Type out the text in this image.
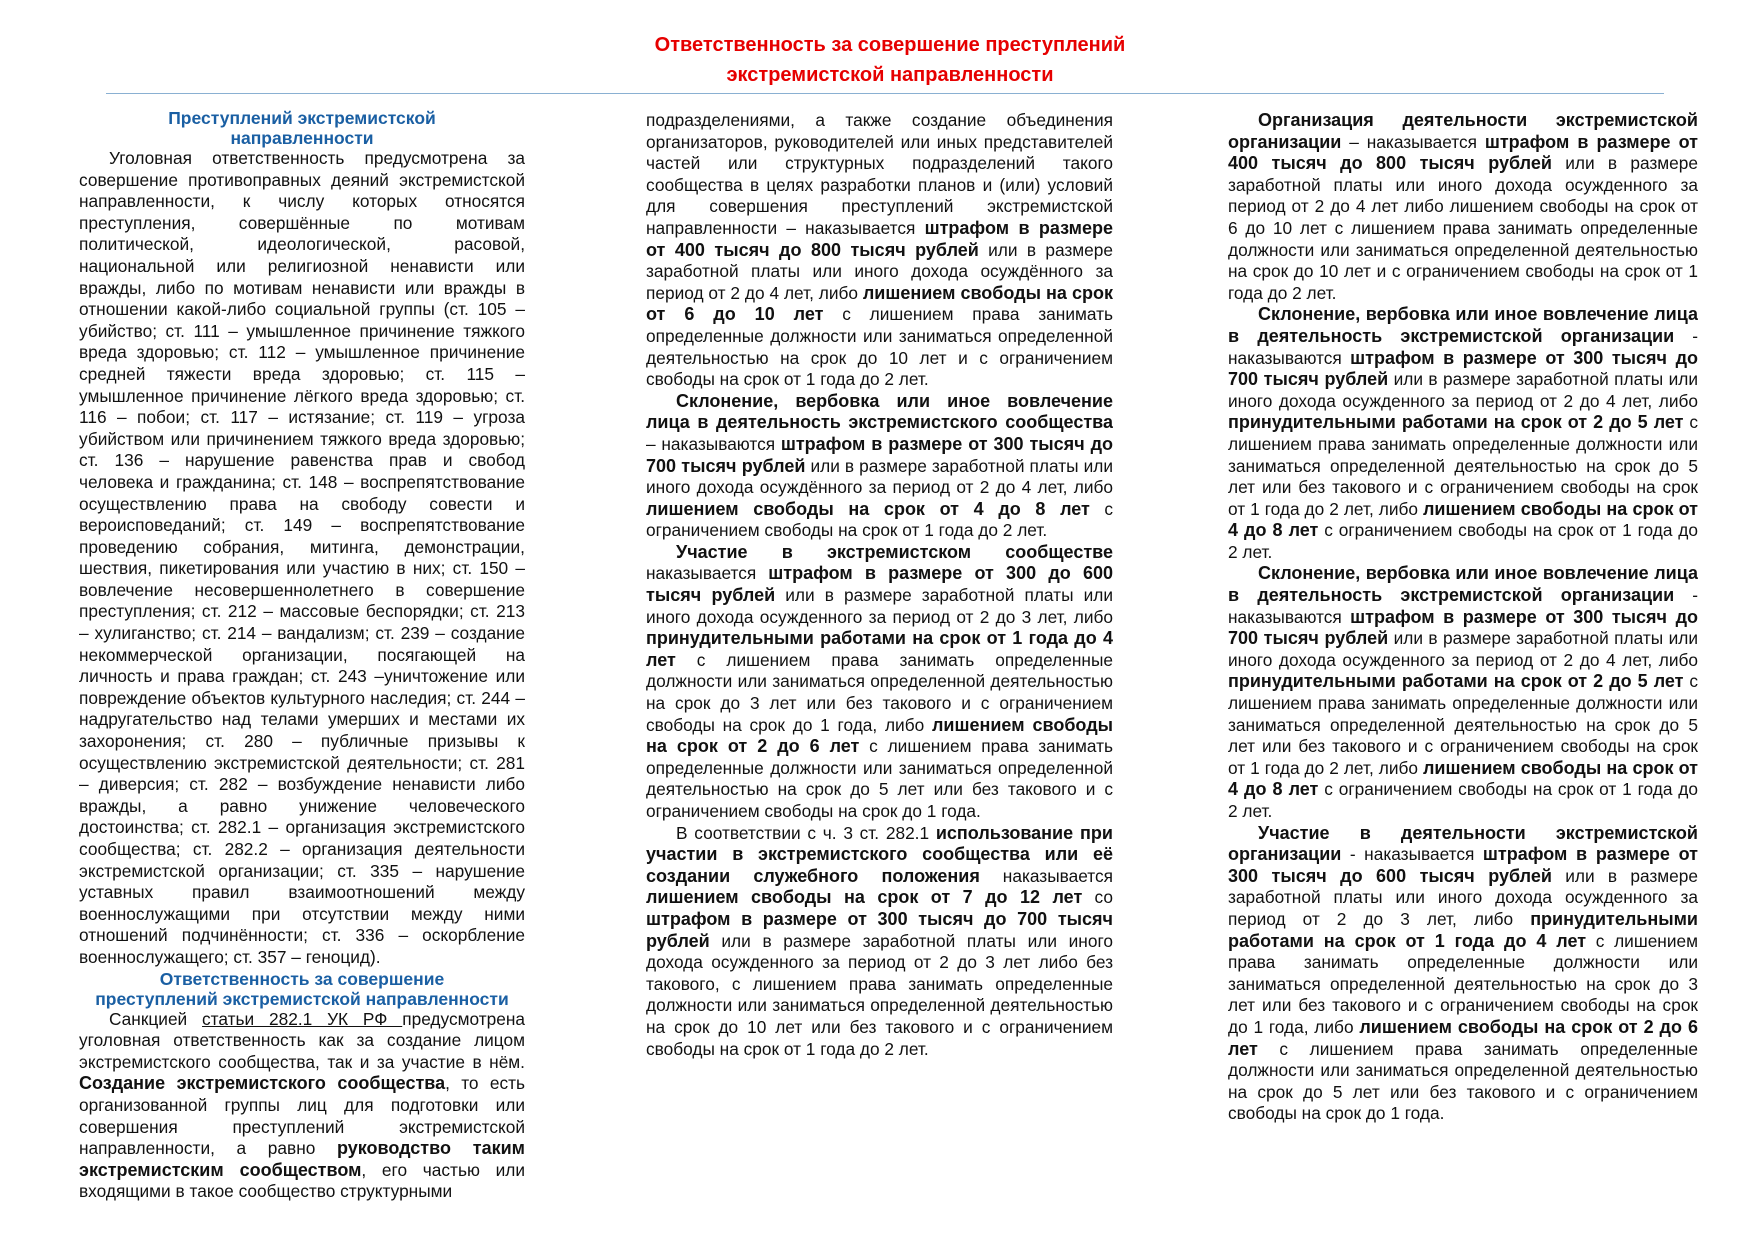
Ответственность за совершение преступлений
экстремистской направленности
Преступлений экстремистской направленности

Уголовная ответственность предусмотрена за совершение противоправных деяний экстремистской направленности, к числу которых относятся преступления, совершённые по мотивам политической, идеологической, расовой, национальной или религиозной ненависти или вражды, либо по мотивам ненависти или вражды в отношении какой-либо социальной группы (ст. 105 – убийство; ст. 111 – умышленное причинение тяжкого вреда здоровью; ст. 112 – умышленное причинение средней тяжести вреда здоровью; ст. 115 – умышленное причинение лёгкого вреда здоровью; ст. 116 – побои; ст. 117 – истязание; ст. 119 – угроза убийством или причинением тяжкого вреда здоровью; ст. 136 – нарушение равенства прав и свобод человека и гражданина; ст. 148 – воспрепятствование осуществлению права на свободу совести и вероисповеданий; ст. 149 – воспрепятствование проведению собрания, митинга, демонстрации, шествия, пикетирования или участию в них; ст. 150 – вовлечение несовершеннолетнего в совершение преступления; ст. 212 – массовые беспорядки; ст. 213 – хулиганство; ст. 214 – вандализм; ст. 239 – создание некоммерческой организации, посягающей на личность и права граждан; ст. 243 –уничтожение или повреждение объектов культурного наследия; ст. 244 – надругательство над телами умерших и местами их захоронения; ст. 280 – публичные призывы к осуществлению экстремистской деятельности; ст. 281 – диверсия; ст. 282 – возбуждение ненависти либо вражды, а равно унижение человеческого достоинства; ст. 282.1 – организация экстремистского сообщества; ст. 282.2 – организация деятельности экстремистской организации; ст. 335 – нарушение уставных правил взаимоотношений между военнослужащими при отсутствии между ними отношений подчинённости; ст. 336 – оскорбление военнослужащего; ст. 357 – геноцид).

Ответственность за совершение
преступлений экстремистской направленности

Санкцией статьи 282.1 УК РФ предусмотрена уголовная ответственность как за создание лицом экстремистского сообщества, так и за участие в нём. Создание экстремистского сообщества, то есть организованной группы лиц для подготовки или совершения преступлений экстремистской направленности, а равно руководство таким экстремистским сообществом, его частью или входящими в такое сообщество структурными

подразделениями, а также создание объединения организаторов, руководителей или иных представителей частей или структурных подразделений такого сообщества в целях разработки планов и (или) условий для совершения преступлений экстремистской направленности – наказывается штрафом в размере от 400 тысяч до 800 тысяч рублей или в размере заработной платы или иного дохода осуждённого за период от 2 до 4 лет, либо лишением свободы на срок от 6 до 10 лет с лишением права занимать определенные должности или заниматься определенной деятельностью на срок до 10 лет и с ограничением свободы на срок от 1 года до 2 лет.

Склонение, вербовка или иное вовлечение лица в деятельность экстремистского сообщества – наказываются штрафом в размере от 300 тысяч до 700 тысяч рублей или в размере заработной платы или иного дохода осуждённого за период от 2 до 4 лет, либо лишением свободы на срок от 4 до 8 лет с ограничением свободы на срок от 1 года до 2 лет.

Участие в экстремистском сообществе наказывается штрафом в размере от 300 до 600 тысяч рублей или в размере заработной платы или иного дохода осужденного за период от 2 до 3 лет, либо принудительными работами на срок от 1 года до 4 лет с лишением права занимать определенные должности или заниматься определенной деятельностью на срок до 3 лет или без такового и с ограничением свободы на срок до 1 года, либо лишением свободы на срок от 2 до 6 лет с лишением права занимать определенные должности или заниматься определенной деятельностью на срок до 5 лет или без такового и с ограничением свободы на срок до 1 года.

В соответствии с ч. 3 ст. 282.1 использование при участии в экстремистского сообщества или её создании служебного положения наказывается лишением свободы на срок от 7 до 12 лет со штрафом в размере от 300 тысяч до 700 тысяч рублей или в размере заработной платы или иного дохода осужденного за период от 2 до 3 лет либо без такового, с лишением права занимать определенные должности или заниматься определенной деятельностью на срок до 10 лет или без такового и с ограничением свободы на срок от 1 года до 2 лет.

Организация деятельности экстремистской организации – наказывается штрафом в размере от 400 тысяч до 800 тысяч рублей или в размере заработной платы или иного дохода осужденного за период от 2 до 4 лет либо лишением свободы на срок от 6 до 10 лет с лишением права занимать определенные должности или заниматься определенной деятельностью на срок до 10 лет и с ограничением свободы на срок от 1 года до 2 лет.

Склонение, вербовка или иное вовлечение лица в деятельность экстремистской организации - наказываются штрафом в размере от 300 тысяч до 700 тысяч рублей или в размере заработной платы или иного дохода осужденного за период от 2 до 4 лет, либо принудительными работами на срок от 2 до 5 лет с лишением права занимать определенные должности или заниматься определенной деятельностью на срок до 5 лет или без такового и с ограничением свободы на срок от 1 года до 2 лет, либо лишением свободы на срок от 4 до 8 лет с ограничением свободы на срок от 1 года до 2 лет.

Склонение, вербовка или иное вовлечение лица в деятельность экстремистской организации - наказываются штрафом в размере от 300 тысяч до 700 тысяч рублей или в размере заработной платы или иного дохода осужденного за период от 2 до 4 лет, либо принудительными работами на срок от 2 до 5 лет с лишением права занимать определенные должности или заниматься определенной деятельностью на срок до 5 лет или без такового и с ограничением свободы на срок от 1 года до 2 лет, либо лишением свободы на срок от 4 до 8 лет с ограничением свободы на срок от 1 года до 2 лет.

Участие в деятельности экстремистской организации - наказывается штрафом в размере от 300 тысяч до 600 тысяч рублей или в размере заработной платы или иного дохода осужденного за период от 2 до 3 лет, либо принудительными работами на срок от 1 года до 4 лет с лишением права занимать определенные должности или заниматься определенной деятельностью на срок до 3 лет или без такового и с ограничением свободы на срок до 1 года, либо лишением свободы на срок от 2 до 6 лет с лишением права занимать определенные должности или заниматься определенной деятельностью на срок до 5 лет или без такового и с ограничением свободы на срок до 1 года.
